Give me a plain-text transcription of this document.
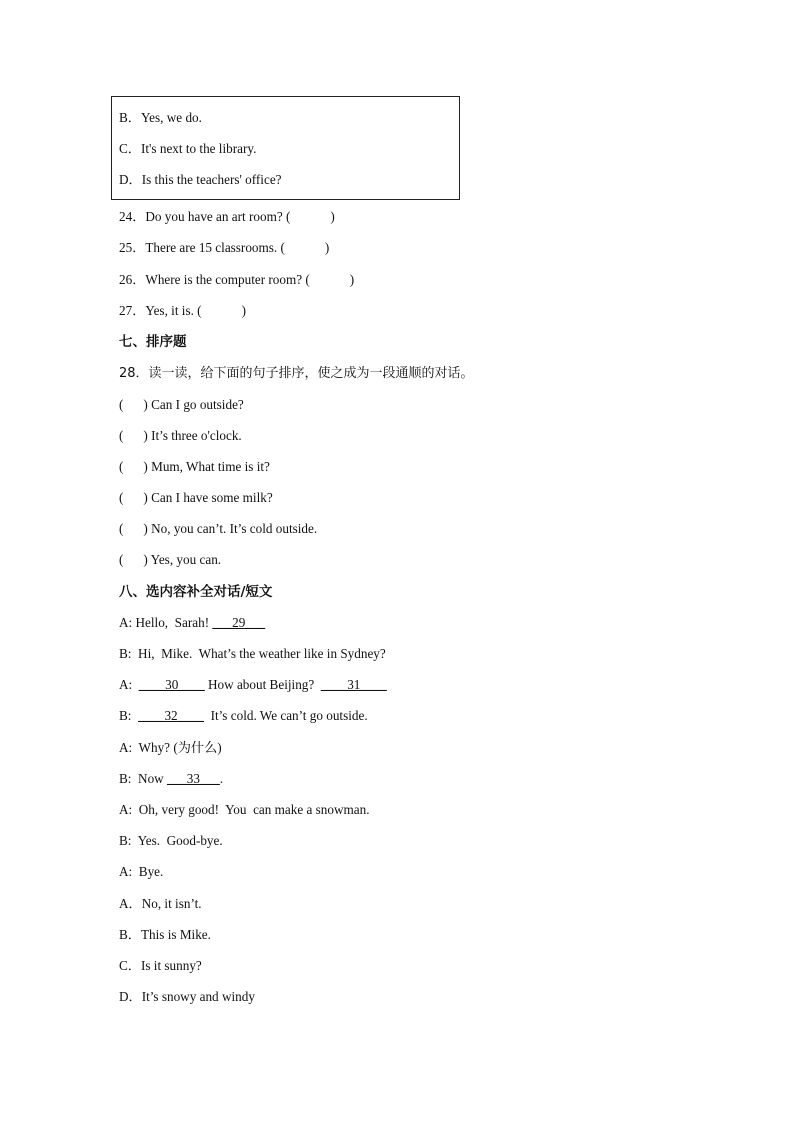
B．Yes, we do.
C．It's next to the library.
D．Is this the teachers' office?
24．Do you have an art room? (	)
25．There are 15 classrooms. (	)
26．Where is the computer room? (	)
27．Yes, it is. (	)
七、排序题
28．读一读，给下面的句子排序，使之成为一段通顺的对话。
( ) Can I go outside?
( ) It’s three o'clock.
( ) Mum, What time is it?
( ) Can I have some milk?
( ) No, you can’t. It’s cold outside.
( ) Yes, you can.
八、选内容补全对话/短文
A: Hello,  Sarah! ___29___
B:  Hi,  Mike.  What’s the weather like in Sydney?
A:  ____30____ How about Beijing?  ____31____
B:  ____32____  It’s cold. We can’t go outside.
A:  Why? (为什么)
B:  Now ___33___.
A:  Oh, very good!  You  can make a snowman.
B:  Yes.  Good-bye.
A:  Bye.
A．No, it isn’t.
B．This is Mike.
C．Is it sunny?
D．It’s snowy and windy
